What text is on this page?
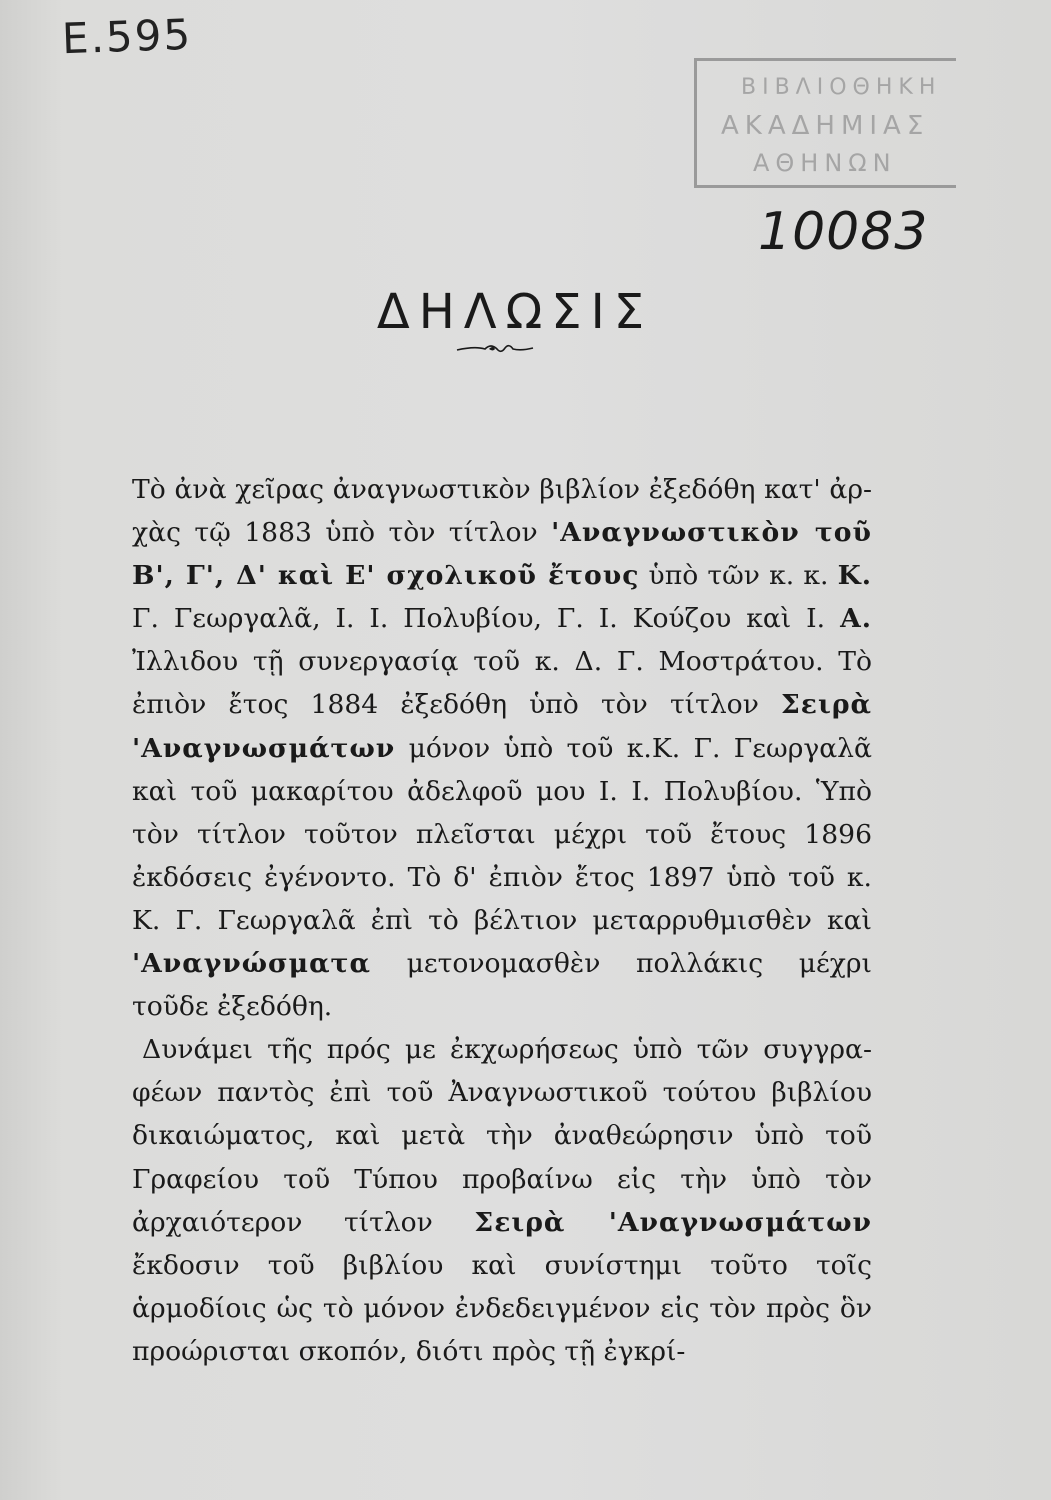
E.595
ΒΙΒΛΙΟΘΗΚΗ
ΑΚΑΔΗΜΙΑΣ
ΑΘΗΝΩΝ
10083
ΔΗΛΩΣΙΣ

Τὸ ἀνὰ χεῖρας ἀναγνωστικὸν βιβλίον ἐξεδόθη κατ' ἀρχὰς τῷ 1883 ὑπὸ τὸν τίτλον 'Αναγνωστικὸν τοῦ Β', Γ', Δ' καὶ Ε' σχολικοῦ ἔτους ὑπὸ τῶν κ. κ. Κ. Γ. Γεωργαλᾶ, Ι. Ι. Πολυβίου, Γ. Ι. Κούζου καὶ Ι. Α. Ἰλλιδου τῇ συνεργασίᾳ τοῦ κ. Δ. Γ. Μοστράτου. Τὸ ἐπιὸν ἔτος 1884 ἐξεδόθη ὑπὸ τὸν τίτλον Σειρὰ 'Αναγνωσμάτων μόνον ὑπὸ τοῦ κ.Κ. Γ. Γεωργαλᾶ καὶ τοῦ μακαρίτου ἀδελφοῦ μου Ι. Ι. Πολυβίου. Ὑπὸ τὸν τίτλον τοῦτον πλεῖσται μέχρι τοῦ ἔτους 1896 ἐκδόσεις ἐγένοντο. Τὸ δ' ἐπιὸν ἔτος 1897 ὑπὸ τοῦ κ. Κ. Γ. Γεωργαλᾶ ἐπὶ τὸ βέλτιον μεταρρυθμισθὲν καὶ 'Αναγνώσματα μετονομασθὲν πολλάκις μέχρι τοῦδε ἐξεδόθη.

Δυνάμει τῆς πρός με ἐκχωρήσεως ὑπὸ τῶν συγγραφέων παντὸς ἐπὶ τοῦ Ἀναγνωστικοῦ τούτου βιβλίου δικαιώματος, καὶ μετὰ τὴν ἀναθεώρησιν ὑπὸ τοῦ Γραφείου τοῦ Τύπου προβαίνω εἰς τὴν ὑπὸ τὸν ἀρχαιότερον τίτλον Σειρὰ 'Αναγνωσμάτων ἔκδοσιν τοῦ βιβλίου καὶ συνίστημι τοῦτο τοῖς ἁρμοδίοις ὡς τὸ μόνον ἐνδεδειγμένον εἰς τὸν πρὸς ὃν προώρισται σκοπόν, διότι πρὸς τῇ ἐγκρί-
